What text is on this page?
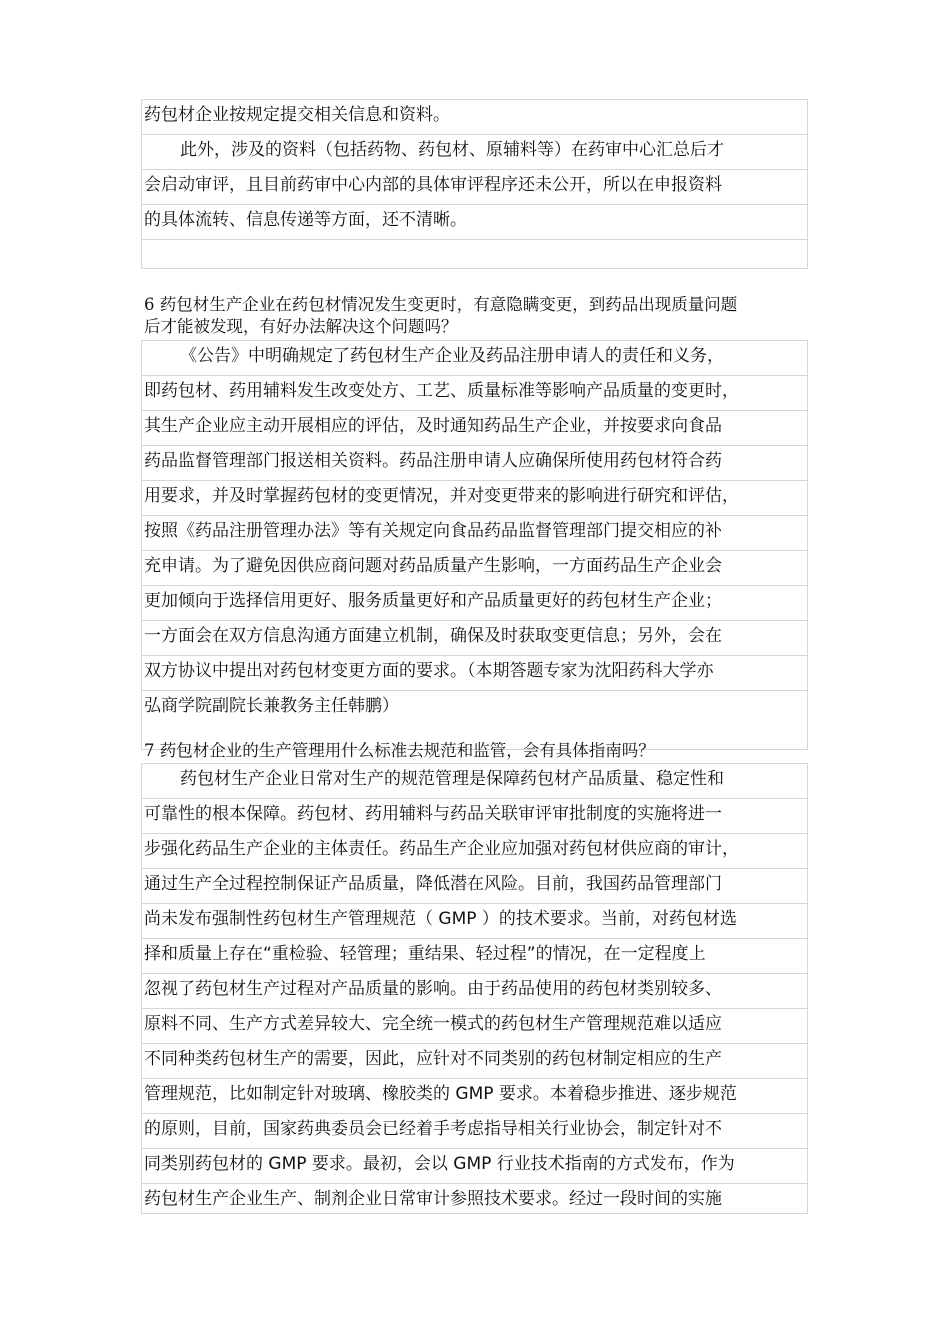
药包材企业按规定提交相关信息和资料。
此外，涉及的资料（包括药物、药包材、原辅料等）在药审中心汇总后才
会启动审评，且目前药审中心内部的具体审评程序还未公开，所以在申报资料
的具体流转、信息传递等方面，还不清晰。
6 药包材生产企业在药包材情况发生变更时，有意隐瞒变更，到药品出现质量问题
后才能被发现，有好办法解决这个问题吗？
《公告》中明确规定了药包材生产企业及药品注册申请人的责任和义务，
即药包材、药用辅料发生改变处方、工艺、质量标准等影响产品质量的变更时，
其生产企业应主动开展相应的评估，及时通知药品生产企业，并按要求向食品
药品监督管理部门报送相关资料。药品注册申请人应确保所使用药包材符合药
用要求，并及时掌握药包材的变更情况，并对变更带来的影响进行研究和评估，
按照《药品注册管理办法》等有关规定向食品药品监督管理部门提交相应的补
充申请。为了避免因供应商问题对药品质量产生影响，一方面药品生产企业会
更加倾向于选择信用更好、服务质量更好和产品质量更好的药包材生产企业；
一方面会在双方信息沟通方面建立机制，确保及时获取变更信息；另外，会在
双方协议中提出对药包材变更方面的要求。（本期答题专家为沈阳药科大学亦
弘商学院副院长兼教务主任韩鹏）
7 药包材企业的生产管理用什么标准去规范和监管，会有具体指南吗？
药包材生产企业日常对生产的规范管理是保障药包材产品质量、稳定性和
可靠性的根本保障。药包材、药用辅料与药品关联审评审批制度的实施将进一
步强化药品生产企业的主体责任。药品生产企业应加强对药包材供应商的审计，
通过生产全过程控制保证产品质量，降低潜在风险。目前，我国药品管理部门
尚未发布强制性药包材生产管理规范（ GMP ）的技术要求。当前，对药包材选
择和质量上存在“重检验、轻管理；重结果、轻过程”的情况，在一定程度上
忽视了药包材生产过程对产品质量的影响。由于药品使用的药包材类别较多、
原料不同、生产方式差异较大、完全统一模式的药包材生产管理规范难以适应
不同种类药包材生产的需要，因此，应针对不同类别的药包材制定相应的生产
管理规范，比如制定针对玻璃、橡胶类的 GMP 要求。本着稳步推进、逐步规范
的原则，目前，国家药典委员会已经着手考虑指导相关行业协会，制定针对不
同类别药包材的 GMP 要求。最初，会以 GMP 行业技术指南的方式发布，作为
药包材生产企业生产、制剂企业日常审计参照技术要求。经过一段时间的实施
